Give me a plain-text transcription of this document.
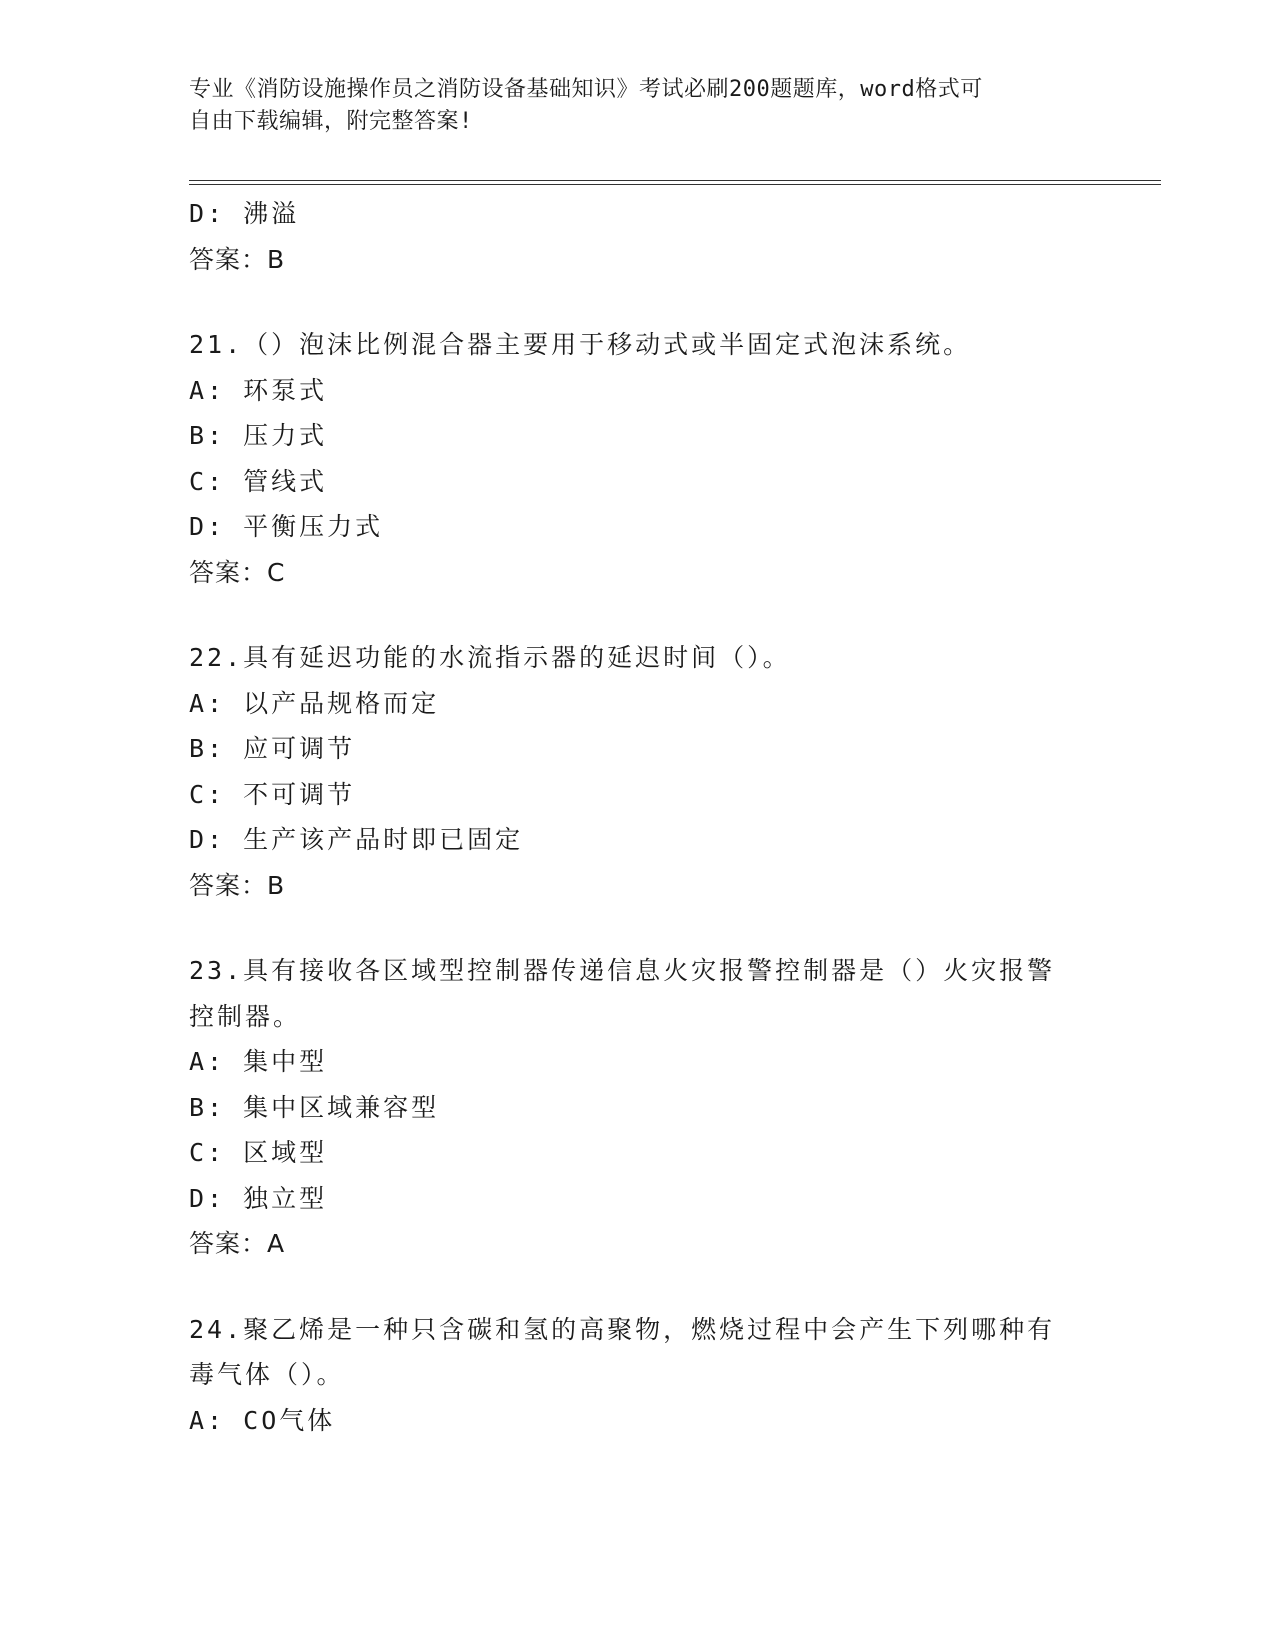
专业《消防设施操作员之消防设备基础知识》考试必刷200题题库，word格式可
自由下载编辑，附完整答案!
D: 沸溢
答案：B
21.（）泡沫比例混合器主要用于移动式或半固定式泡沫系统。
A: 环泵式
B: 压力式
C: 管线式
D: 平衡压力式
答案：C
22.具有延迟功能的水流指示器的延迟时间（）。
A: 以产品规格而定
B: 应可调节
C: 不可调节
D: 生产该产品时即已固定
答案：B
23.具有接收各区域型控制器传递信息火灾报警控制器是（）火灾报警
控制器。
A: 集中型
B: 集中区域兼容型
C: 区域型
D: 独立型
答案：A
24.聚乙烯是一种只含碳和氢的高聚物，燃烧过程中会产生下列哪种有
毒气体（）。
A: CO气体
